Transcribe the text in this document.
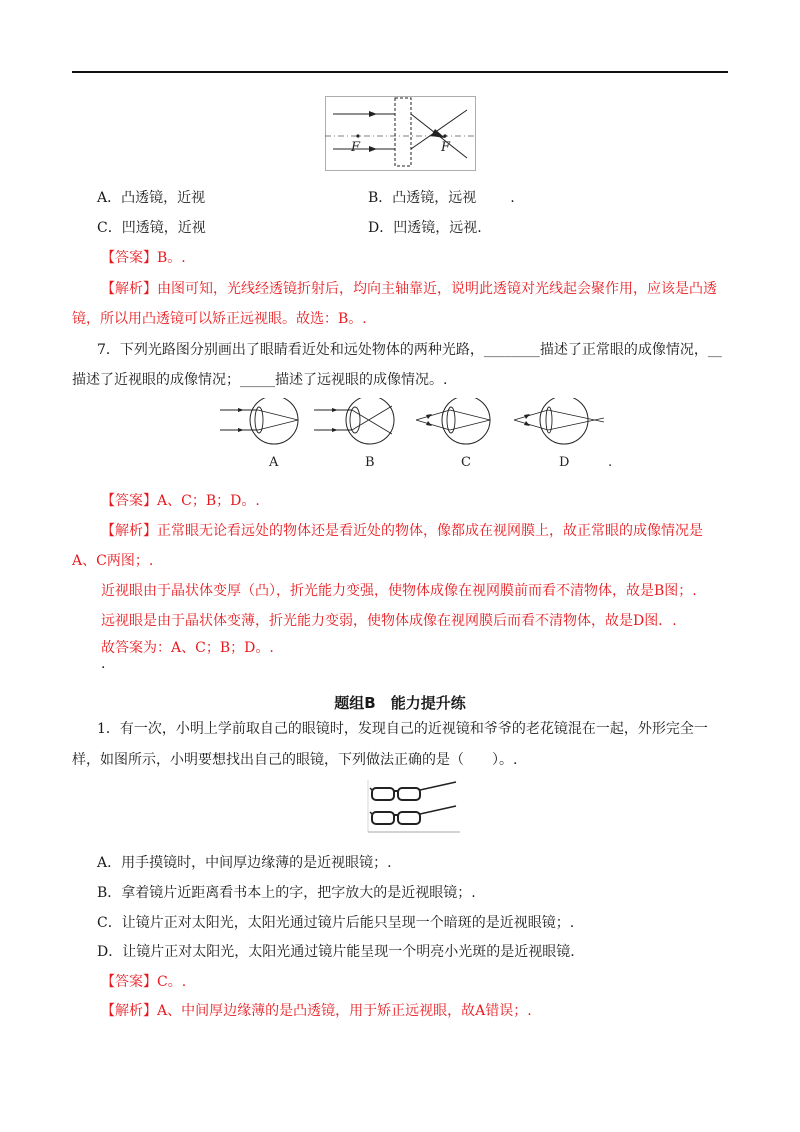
F	F
A．凸透镜，近视	B．凸透镜，远视 .
C．凹透镜，近视	D．凹透镜，远视.
【答案】B。.
【解析】由图可知，光线经透镜折射后，均向主轴靠近，说明此透镜对光线起会聚作用，应该是凸透
镜，所以用凸透镜可以矫正远视眼。故选：B。.
7．下列光路图分别画出了眼睛看近处和远处物体的两种光路，________描述了正常眼的成像情况，__
描述了近视眼的成像情况；_____描述了远视眼的成像情况。.
A	B	C	D	.
【答案】A、C；B；D。.
【解析】正常眼无论看远处的物体还是看近处的物体，像都成在视网膜上，故正常眼的成像情况是
A、C两图；.
近视眼由于晶状体变厚（凸），折光能力变强，使物体成像在视网膜前而看不清物体，故是B图；.
远视眼是由于晶状体变薄，折光能力变弱，使物体成像在视网膜后而看不清物体，故是D图．.
故答案为：A、C；B；D。.
.
题组B　能力提升练
1．有一次，小明上学前取自己的眼镜时，发现自己的近视镜和爷爷的老花镜混在一起，外形完全一
样，如图所示，小明要想找出自己的眼镜，下列做法正确的是（　　）。.
A．用手摸镜时，中间厚边缘薄的是近视眼镜；.
B．拿着镜片近距离看书本上的字，把字放大的是近视眼镜；.
C．让镜片正对太阳光，太阳光通过镜片后能只呈现一个暗斑的是近视眼镜；.
D．让镜片正对太阳光，太阳光通过镜片能呈现一个明亮小光斑的是近视眼镜.
【答案】C。.
【解析】A、中间厚边缘薄的是凸透镜，用于矫正远视眼，故A错误；.
